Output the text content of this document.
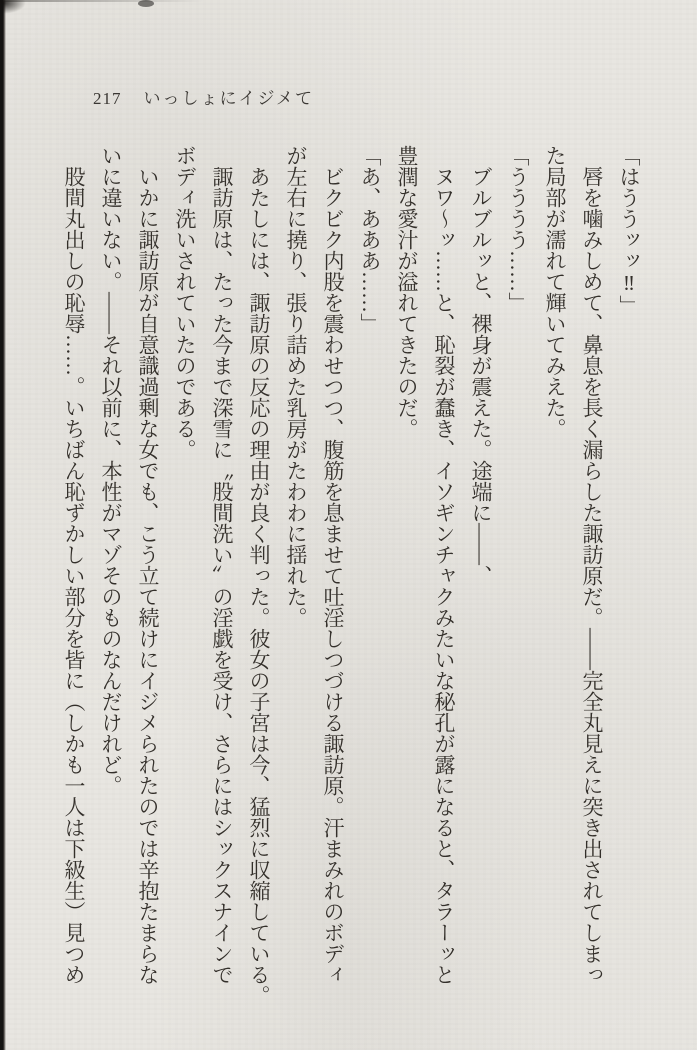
217 いっしょにイジメて
「はううッッ‼」
唇を噛みしめて、鼻息を長く漏らした諏訪原だ。――完全丸見えに突き出されてしまっ
た局部が濡れて輝いてみえた。
「うううう……」
ブルブルッと、裸身が震えた。途端に――、
ヌワ〜ッ……と、恥裂が蠢き、イソギンチャクみたいな秘孔が露になると、タラーッと
豊潤な愛汁が溢れてきたのだ。
「あ、あああ……」
ビクビク内股を震わせつつ、腹筋を息ませて吐淫しつづける諏訪原。汗まみれのボディ
が左右に撓り、張り詰めた乳房がたわわに揺れた。
あたしには、諏訪原の反応の理由が良く判った。彼女の子宮は今、猛烈に収縮している。
諏訪原は、たった今まで深雪に〝股間洗い〟の淫戯を受け、さらにはシックスナインで
ボディ洗いされていたのである。
いかに諏訪原が自意識過剰な女でも、こう立て続けにイジメられたのでは辛抱たまらな
いに違いない。――それ以前に、本性がマゾそのものなんだけれど。
股間丸出しの恥辱……。いちばん恥ずかしい部分を皆に（しかも一人は下級生）見つめ
